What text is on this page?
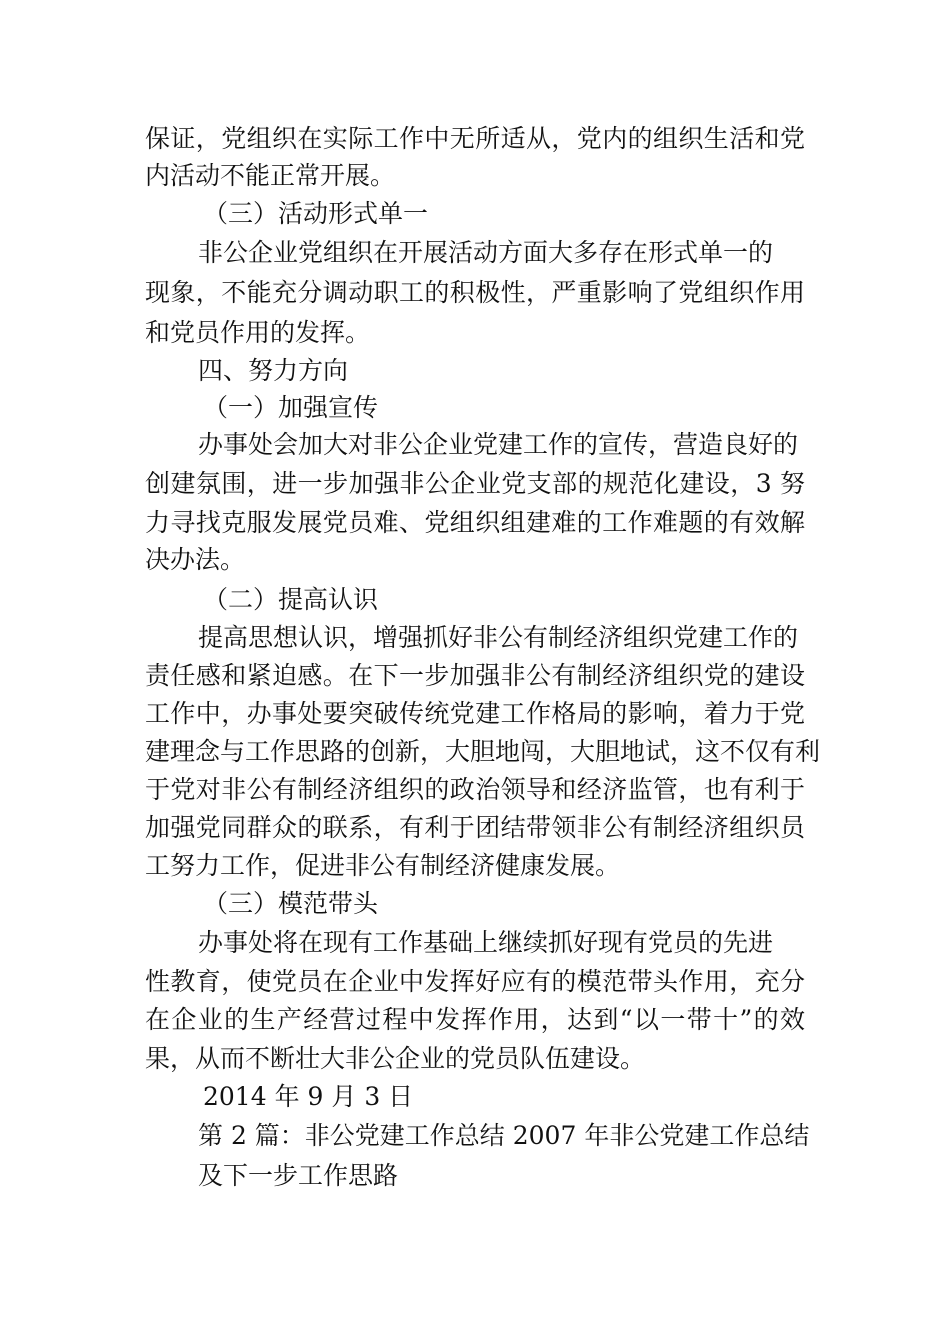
保证，党组织在实际工作中无所适从，党内的组织生活和党
内活动不能正常开展。
（三）活动形式单一
非公企业党组织在开展活动方面大多存在形式单一的
现象，不能充分调动职工的积极性，严重影响了党组织作用
和党员作用的发挥。
四、努力方向
（一）加强宣传
办事处会加大对非公企业党建工作的宣传，营造良好的
创建氛围，进一步加强非公企业党支部的规范化建设，3 努
力寻找克服发展党员难、党组织组建难的工作难题的有效解
决办法。
（二）提高认识
提高思想认识，增强抓好非公有制经济组织党建工作的
责任感和紧迫感。在下一步加强非公有制经济组织党的建设
工作中，办事处要突破传统党建工作格局的影响，着力于党
建理念与工作思路的创新，大胆地闯，大胆地试，这不仅有利
于党对非公有制经济组织的政治领导和经济监管，也有利于
加强党同群众的联系，有利于团结带领非公有制经济组织员
工努力工作，促进非公有制经济健康发展。
（三）模范带头
办事处将在现有工作基础上继续抓好现有党员的先进
性教育，使党员在企业中发挥好应有的模范带头作用，充分
在企业的生产经营过程中发挥作用，达到“以一带十”的效
果，从而不断壮大非公企业的党员队伍建设。
2014 年 9 月 3 日
第 2 篇：非公党建工作总结 2007 年非公党建工作总结
及下一步工作思路
